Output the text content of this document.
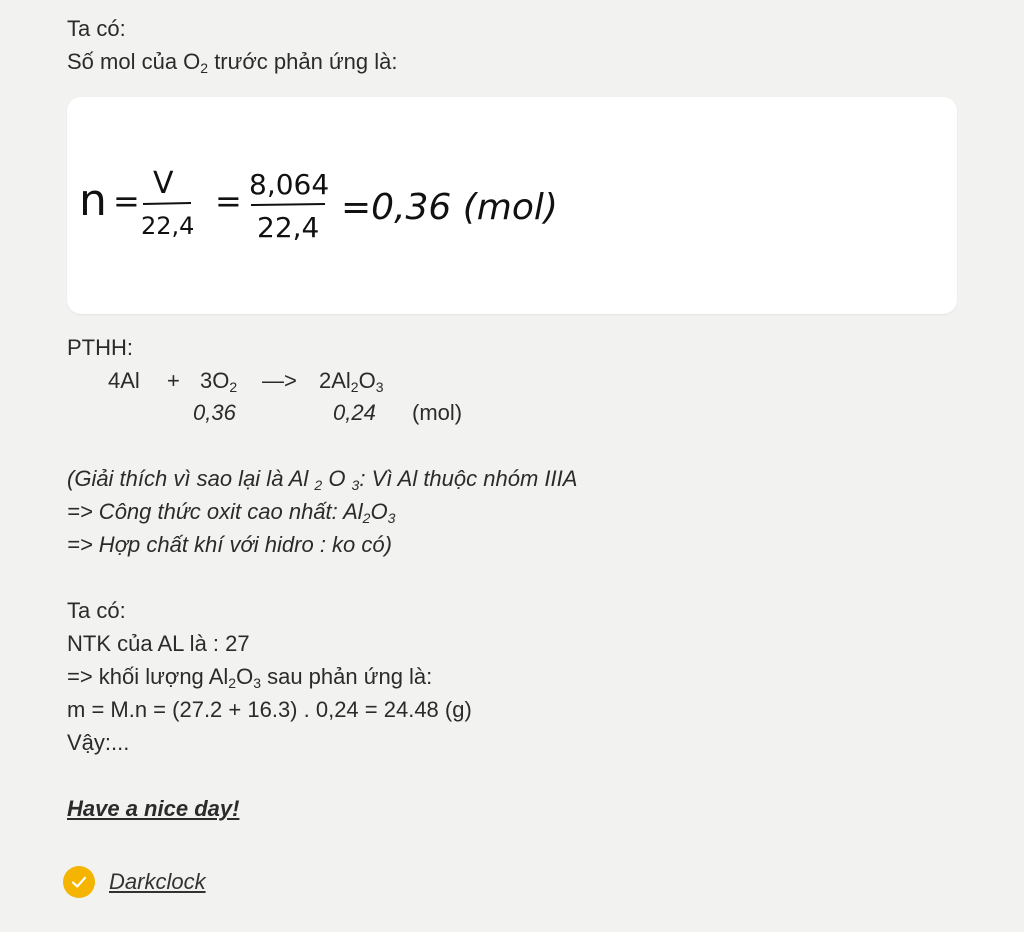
Ta có:
Số mol của $O_2$ trước phản ứng là:
n = V
22,4
= 8,064
22,4 =0,36 (mol)
PTHH:
$4Al + 3O_2$ —> $2Al_2O_3$
0,36	0,24 (mol)
(Giải thích vì sao lại là Al $_2$ O $_3$: Vì Al thuộc nhóm IIIA
=> Công thức oxit cao nhất: $Al_2O_3$
=> Hợp chất khí với hidro : ko có)
Ta có:
NTK của AL là : 27
=> khối lượng $Al_2O_3$ sau phản ứng là:
m = M.n = (27.2 + 16.3) . 0,24 = 24.48 (g)
Vậy:...
Have a nice day!
Darkclock
